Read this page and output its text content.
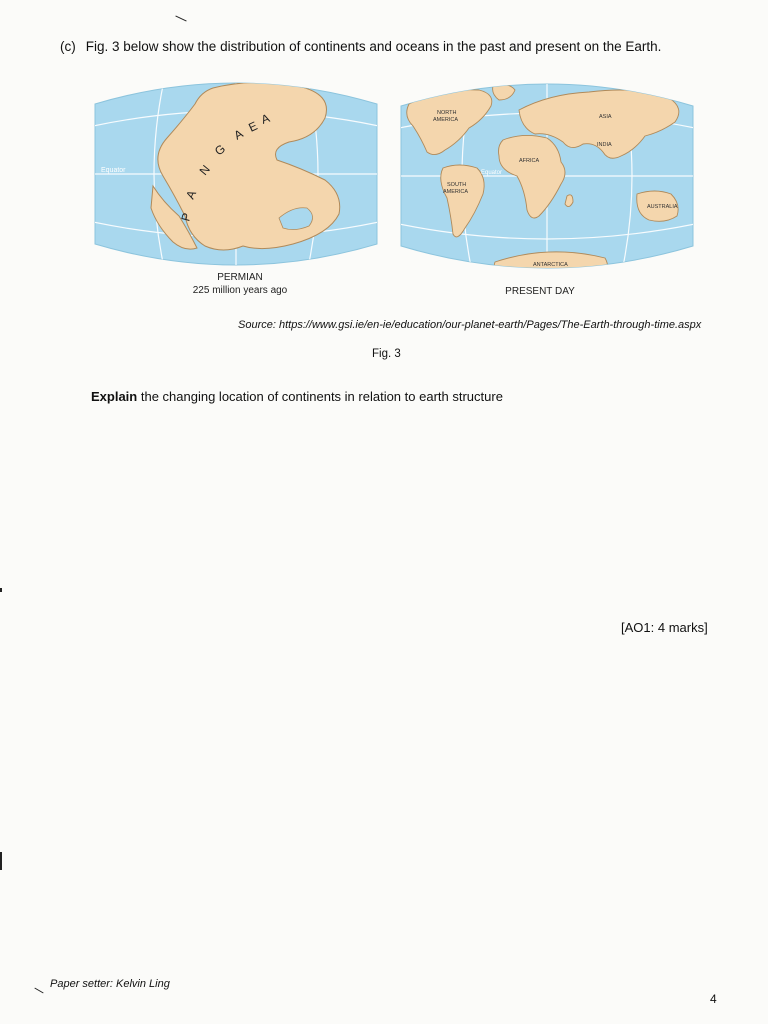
(c) Fig. 3 below show the distribution of continents and oceans in the past and present on the Earth.
Equator
P
A
N
G
A E A
PERMIAN
225 million years ago
NORTH
AMERICA
SOUTH
AMERICA
AFRICA
ASIA
INDIA
AUSTRALIA
ANTARCTICA
Equator
PRESENT DAY
Source: https://www.gsi.ie/en-ie/education/our-planet-earth/Pages/The-Earth-through-time.aspx
Fig. 3
Explain the changing location of continents in relation to earth structure
[AO1: 4 marks]
Paper setter: Kelvin Ling
4
